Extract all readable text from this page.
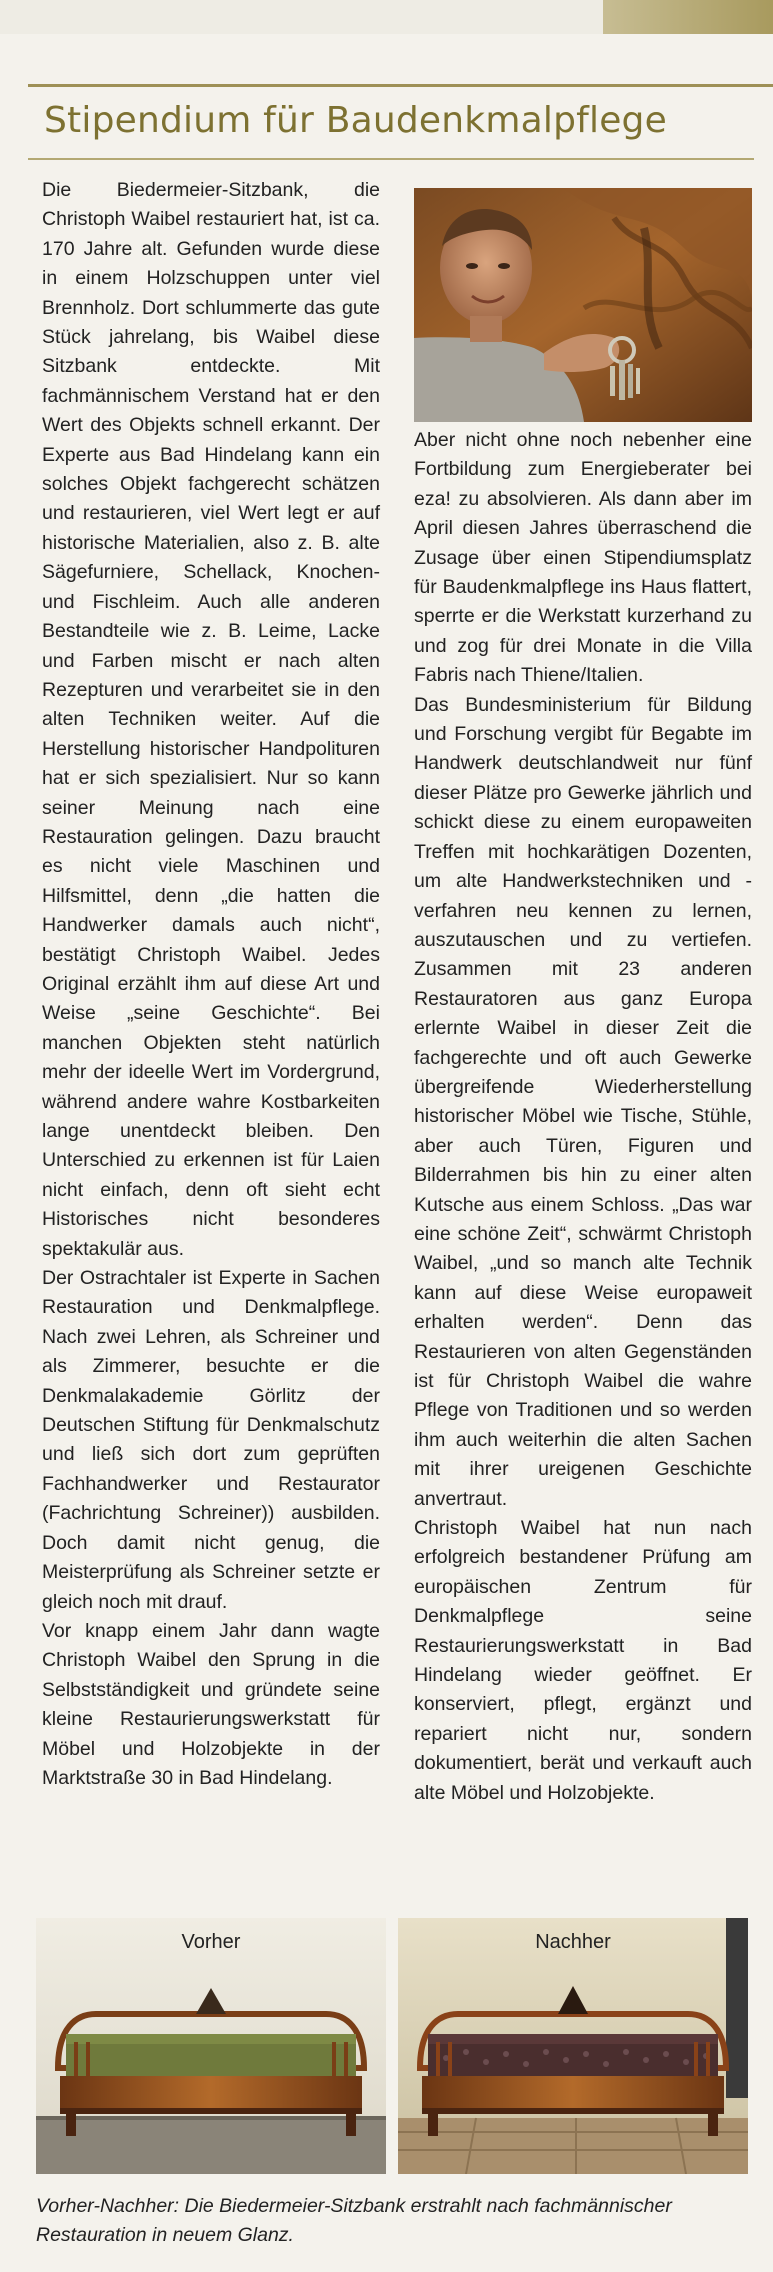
Stipendium für Baudenkmalpflege

Die Biedermeier-Sitzbank, die Christoph Waibel restauriert hat, ist ca. 170 Jahre alt. Gefunden wurde diese in einem Holzschuppen unter viel Brennholz. Dort schlummerte das gute Stück jahrelang, bis Waibel diese Sitzbank entdeckte. Mit fachmännischem Verstand hat er den Wert des Objekts schnell erkannt. Der Experte aus Bad Hindelang kann ein solches Objekt fachgerecht schätzen und restaurieren, viel Wert legt er auf historische Materialien, also z. B. alte Sägefurniere, Schellack, Knochen- und Fischleim. Auch alle anderen Bestandteile wie z. B. Leime, Lacke und Farben mischt er nach alten Rezepturen und verarbeitet sie in den alten Techniken weiter. Auf die Herstellung historischer Handpolituren hat er sich spezialisiert. Nur so kann seiner Meinung nach eine Restauration gelingen. Dazu braucht es nicht viele Maschinen und Hilfsmittel, denn „die hatten die Handwerker damals auch nicht“, bestätigt Christoph Waibel. Jedes Original erzählt ihm auf diese Art und Weise „seine Geschichte“. Bei manchen Objekten steht natürlich mehr der ideelle Wert im Vordergrund, während andere wahre Kostbarkeiten lange unentdeckt bleiben. Den Unterschied zu erkennen ist für Laien nicht einfach, denn oft sieht echt Historisches nicht besonderes spektakulär aus.

Der Ostrachtaler ist Experte in Sachen Restauration und Denkmalpflege. Nach zwei Lehren, als Schreiner und als Zimmerer, besuchte er die Denkmalakademie Görlitz der Deutschen Stiftung für Denkmalschutz und ließ sich dort zum geprüften Fachhandwerker und Restaurator (Fachrichtung Schreiner)) ausbilden. Doch damit nicht genug, die Meisterprüfung als Schreiner setzte er gleich noch mit drauf.

Vor knapp einem Jahr dann wagte Christoph Waibel den Sprung in die Selbstständigkeit und gründete seine kleine Restaurierungswerkstatt für Möbel und Holzobjekte in der Marktstraße 30 in Bad Hindelang.

Aber nicht ohne noch nebenher eine Fortbildung zum Energieberater bei eza! zu absolvieren. Als dann aber im April diesen Jahres überraschend die Zusage über einen Stipendiumsplatz für Baudenkmalpflege ins Haus flattert, sperrte er die Werkstatt kurzerhand zu und zog für drei Monate in die Villa Fabris nach Thiene/Italien.

Das Bundesministerium für Bildung und Forschung vergibt für Begabte im Handwerk deutschlandweit nur fünf dieser Plätze pro Gewerke jährlich und schickt diese zu einem europaweiten Treffen mit hochkarätigen Dozenten, um alte Handwerkstechniken und -verfahren neu kennen zu lernen, auszutauschen und zu vertiefen. Zusammen mit 23 anderen Restauratoren aus ganz Europa erlernte Waibel in dieser Zeit die fachgerechte und oft auch Gewerke übergreifende Wiederherstellung historischer Möbel wie Tische, Stühle, aber auch Türen, Figuren und Bilderrahmen bis hin zu einer alten Kutsche aus einem Schloss. „Das war eine schöne Zeit“, schwärmt Christoph Waibel, „und so manch alte Technik kann auf diese Weise europaweit erhalten werden“. Denn das Restaurieren von alten Gegenständen ist für Christoph Waibel die wahre Pflege von Traditionen und so werden ihm auch weiterhin die alten Sachen mit ihrer ureigenen Geschichte anvertraut.

Christoph Waibel hat nun nach erfolgreich bestandener Prüfung am europäischen Zentrum für Denkmalpflege seine Restaurierungswerkstatt in Bad Hindelang wieder geöffnet. Er konserviert, pflegt, ergänzt und repariert nicht nur, sondern dokumentiert, berät und verkauft auch alte Möbel und Holzobjekte.

Vorher	Nachher
Vorher-Nachher: Die Biedermeier-Sitzbank erstrahlt nach fachmännischer Restauration in neuem Glanz.
